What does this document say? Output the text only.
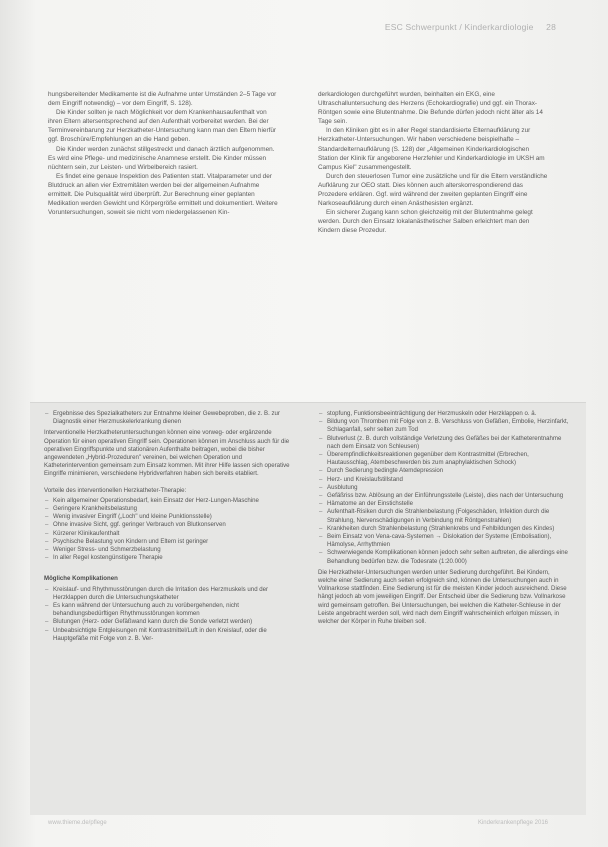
ESC Schwerpunkt / Kinderkardiologie 28

hungsbereitender Medikamente ist die Aufnahme unter Umständen 2–5 Tage vor dem Eingriff notwendig) – vor dem Eingriff, S. 128).

Die Kinder sollten je nach Möglichkeit vor dem Krankenhausaufenthalt von ihren Eltern altersentsprechend auf den Aufenthalt vorbereitet werden. Bei der Terminvereinbarung zur Herzkatheter-Untersuchung kann man den Eltern hierfür ggf. Broschüre/Empfehlungen an die Hand geben.

Die Kinder werden zunächst stillgestreckt und danach ärztlich aufgenommen. Es wird eine Pflege- und medizinische Anamnese erstellt. Die Kinder müssen nüchtern sein, zur Leisten- und Wirbelbereich rasiert.

Es findet eine genaue Inspektion des Patienten statt. Vitalparameter und der Blutdruck an allen vier Extremitäten werden bei der allgemeinen Aufnahme ermittelt. Die Pulsqualität wird überprüft. Zur Berechnung einer geplanten Medikation werden Gewicht und Körpergröße ermittelt und dokumentiert. Weitere Voruntersuchungen, soweit sie nicht vom niedergelassenen Kin-

derkardiologen durchgeführt wurden, beinhalten ein EKG, eine Ultraschalluntersuchung des Herzens (Echokardiografie) und ggf. ein Thorax-Röntgen sowie eine Blutentnahme. Die Befunde dürfen jedoch nicht älter als 14 Tage sein.

In den Kliniken gibt es in aller Regel standardisierte Elternaufklärung zur Herzkatheter-Untersuchungen. Wir haben verschiedene beispielhafte – Standardelternaufklärung (S. 128) der „Allgemeinen Kinderkardiologischen Station der Klinik für angeborene Herzfehler und Kinderkardiologie im UKSH am Campus Kiel" zusammengestellt.

Durch den steuerlosen Tumor eine zusätzliche und für die Eltern verständliche Aufklärung zur OEO statt. Dies können auch alterskorrespondierend das Prozedere erklären. Ggf. wird während der zweiten geplanten Eingriff eine Narkoseaufklärung durch einen Anästhesisten ergänzt.

Ein sicherer Zugang kann schon gleichzeitig mit der Blutentnahme gelegt werden. Durch den Einsatz lokalanästhetischer Salben erleichtert man den Kindern diese Prozedur.

– Ergebnisse des Spezialkatheters zur Entnahme kleiner Gewebeproben, die z. B. zur Diagnostik einer Herzmuskelerkrankung dienen

Interventionelle Herzkatheteruntersuchungen können eine vorweg- oder ergänzende Operation für einen operativen Eingriff sein. Operationen können im Anschluss auch für die operativen Eingriffspunkte und stationären Aufenthalte beitragen, wobei die bisher angewendeten „Hybrid-Prozeduren" vereinen, bei welchen Operation und Katheterintervention gemeinsam zum Einsatz kommen. Mit ihrer Hilfe lassen sich operative Eingriffe minimieren, verschiedene Hybridverfahren haben sich bereits etabliert.

Vorteile des interventionellen Herzkatheter-Therapie:

– Kein allgemeiner Operationsbedarf, kein Einsatz der Herz-Lungen-Maschine
– Geringere Krankheitsbelastung
– Wenig invasiver Eingriff („Loch" und kleine Punktionsstelle)
– Ohne invasive Sicht, ggf. geringer Verbrauch von Blutkonserven
– Kürzerer Klinikaufenthalt
– Psychische Belastung von Kindern und Eltern ist geringer
– Weniger Stress- und Schmerzbelastung
– In aller Regel kostengünstigere Therapie

Mögliche Komplikationen

– Kreislauf- und Rhythmusstörungen durch die Irritation des Herzmuskels und der Herzklappen durch die Untersuchungskatheter
– Es kann während der Untersuchung auch zu vorübergehenden, nicht behandlungsbedürftigen Rhythmusstörungen kommen
– Blutungen (Herz- oder Gefäßwand kann durch die Sonde verletzt werden)
– Unbeabsichtigte Entgleisungen mit Kontrastmittel/Luft in den Kreislauf, oder die Hauptgefäße mit Folge von z. B. Ver-
– stopfung, Funktionsbeeinträchtigung der Herzmuskeln oder Herzklappen o. ä.
– Bildung von Thromben mit Folge von z. B. Verschluss von Gefäßen, Embolie, Herzinfarkt, Schlaganfall, sehr selten zum Tod
– Blutverlust (z. B. durch vollständige Verletzung des Gefäßes bei der Katheterentnahme nach dem Einsatz von Schleusen)
– Überempfindlichkeitsreaktionen gegenüber dem Kontrastmittel (Erbrechen, Hautausschlag, Atembeschwerden bis zum anaphylaktischen Schock)
– Durch Sedierung bedingte Atemdepression
– Herz- und Kreislaufstillstand
– Ausblutung
– Gefäßriss bzw. Ablösung an der Einführungsstelle (Leiste), dies nach der Untersuchung
– Hämatome an der Einstichstelle
– Aufenthalt-Risiken durch die Strahlenbelastung (Folgeschäden, Infektion durch die Strahlung, Nervenschädigungen in Verbindung mit Röntgenstrahlen)
– Krankheiten durch Strahlenbelastung (Strahlenkrebs und Fehlbildungen des Kindes)
– Beim Einsatz von Vena-cava-Systemen → Dislokation der Systeme (Embolisation), Hämolyse, Arrhythmien
– Schwerwiegende Komplikationen können jedoch sehr selten auftreten, die allerdings eine Behandlung bedürfen bzw. die Todesrate (1:20.000)

Die Herzkatheter-Untersuchungen werden unter Sedierung durchgeführt. Bei Kindern, welche einer Sedierung auch selten erfolgreich sind, können die Untersuchungen auch in Vollnarkose stattfinden. Eine Sedierung ist für die meisten Kinder jedoch ausreichend. Diese hängt jedoch ab vom jeweiligen Eingriff. Der Entscheid über die Sedierung bzw. Vollnarkose wird gemeinsam getroffen. Bei Untersuchungen, bei welchen die Katheter-Schleuse in der Leiste angebracht werden soll, wird nach dem Eingriff wahrscheinlich erfolgen müssen, in welcher der Körper in Ruhe bleiben soll.

www.thieme.de/pflege	Kinderkrankenpflege 2016
